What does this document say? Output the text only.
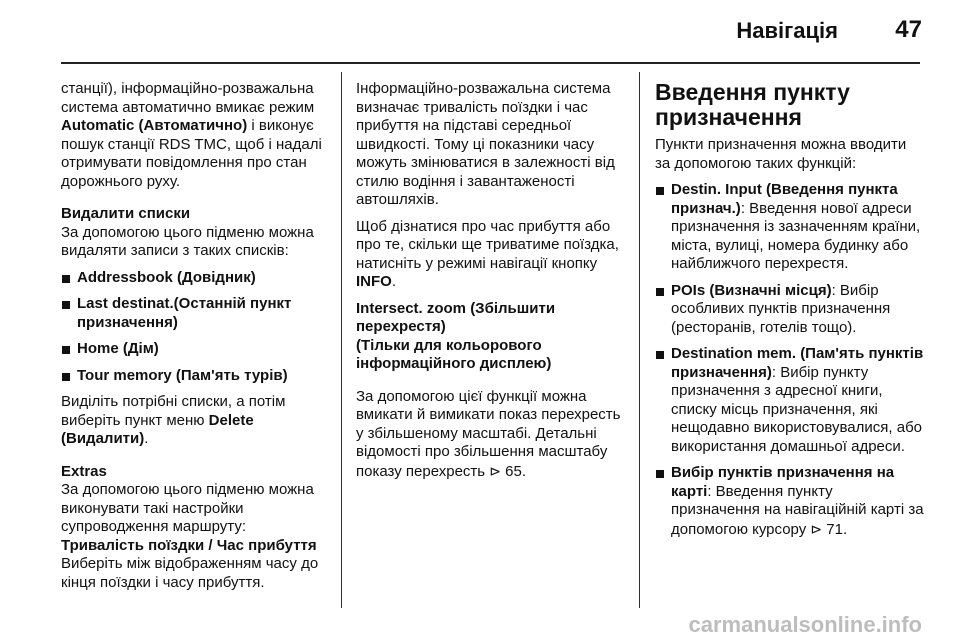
Навігація 47

станції), інформаційно-розважальна система автоматично вмикає режим Automatic (Автоматично) і виконує пошук станції RDS TMC, щоб і надалі отримувати повідомлення про стан дорожнього руху.

Видалити списки

За допомогою цього підменю можна видаляти записи з таких списків:

Addressbook (Довідник)

Last destinat.(Останній пункт призначення)

Home (Дім)

Tour memory (Пам'ять турів)

Виділіть потрібні списки, а потім виберіть пункт меню Delete (Видалити).

Extras

За допомогою цього підменю можна виконувати такі настройки супроводження маршруту:

Тривалість поїздки / Час прибуття

Виберіть між відображенням часу до кінця поїздки і часу прибуття.

Інформаційно-розважальна система визначає тривалість поїздки і час прибуття на підставі середньої швидкості. Тому ці показники часу можуть змінюватися в залежності від стилю водіння і завантаженості автошляхів.

Щоб дізнатися про час прибуття або про те, скільки ще триватиме поїздка, натисніть у режимі навігації кнопку INFO.

Intersect. zoom (Збільшити перехрестя)

(Тільки для кольорового інформаційного дисплею)

За допомогою цієї функції можна вмикати й вимикати показ перехресть у збільшеному масштабі. Детальні відомості про збільшення масштабу показу перехресть ⊳ 65.

Введення пункту призначення

Пункти призначення можна вводити за допомогою таких функцій:

Destin. Input (Введення пункта признач.): Введення нової адреси призначення із зазначенням країни, міста, вулиці, номера будинку або найближчого перехрестя.

POIs (Визначні місця): Вибір особливих пунктів призначення (ресторанів, готелів тощо).

Destination mem. (Пам'ять пунктів призначення): Вибір пункту призначення з адресної книги, списку місць призначення, які нещодавно використовувалися, або використання домашньої адреси.

Вибір пунктів призначення на карті: Введення пункту призначення на навігаційній карті за допомогою курсору ⊳ 71.

carmanualsonline.info
